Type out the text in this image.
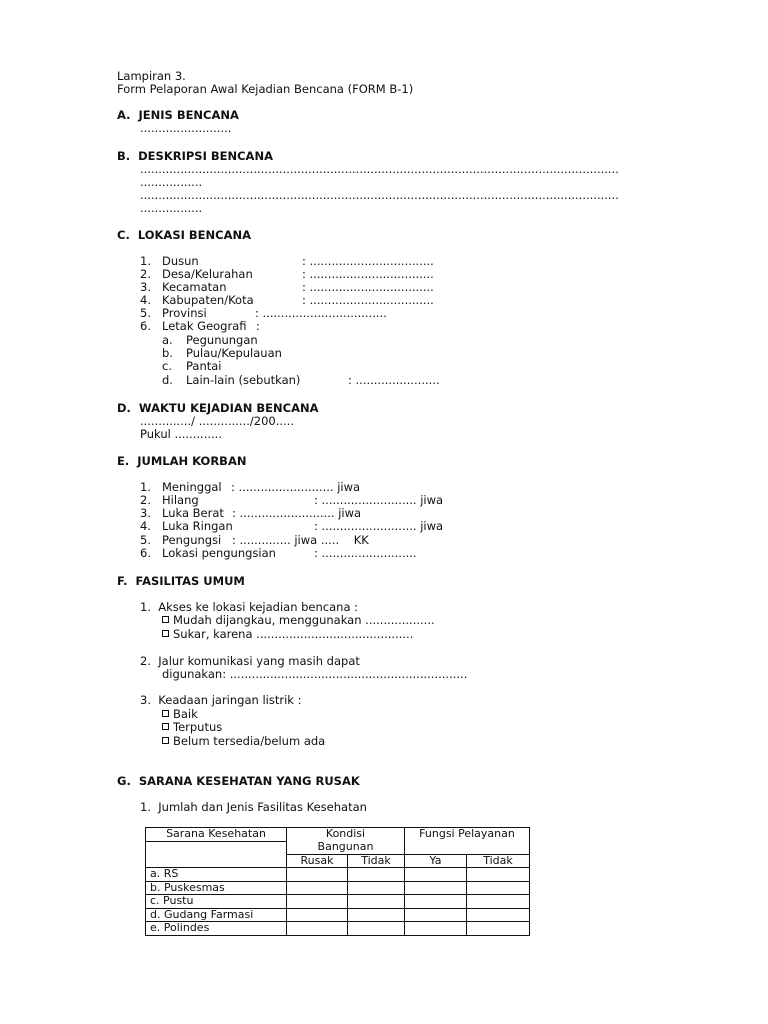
Lampiran 3.
Form Pelaporan Awal Kejadian Bencana (FORM B-1)
A.  JENIS BENCANA
.........................
B.  DESKRIPSI BENCANA
...................................................................................................................................
.................
...................................................................................................................................
.................
C.  LOKASI BENCANA
1. Dusun	: ..................................
2. Desa/Kelurahan	: ..................................
3. Kecamatan	: ..................................
4. Kabupaten/Kota	: ..................................
5. Provinsi	: ..................................
6. Letak Geografi :
a. Pegunungan
b. Pulau/Kepulauan
c. Pantai
d. Lain-lain (sebutkan)	: .......................
D.  WAKTU KEJADIAN BENCANA
............../ ............../200.....
Pukul .............
E.  JUMLAH KORBAN
1. Meninggal : .......................... jiwa
2. Hilang	: .......................... jiwa
3. Luka Berat : .......................... jiwa
4. Luka Ringan	: .......................... jiwa
5. Pengungsi : .............. jiwa .....    KK
6. Lokasi pengungsian	: ..........................
F.  FASILITAS UMUM
1.  Akses ke lokasi kejadian bencana :
Mudah dijangkau, menggunakan ...................
Sukar, karena ...........................................
2.  Jalur komunikasi yang masih dapat
digunakan: .................................................................
3.  Keadaan jaringan listrik :
Baik
Terputus
Belum tersedia/belum ada
G.  SARANA KESEHATAN YANG RUSAK
1.  Jumlah dan Jenis Fasilitas Kesehatan
Sarana Kesehatan	Kondisi		Fungsi Pelayanan	
	Bangunan			
	Rusak	Tidak	Ya	Tidak
a. RS				
b. Puskesmas				
c. Pustu				
d. Gudang Farmasi				
e. Polindes				
